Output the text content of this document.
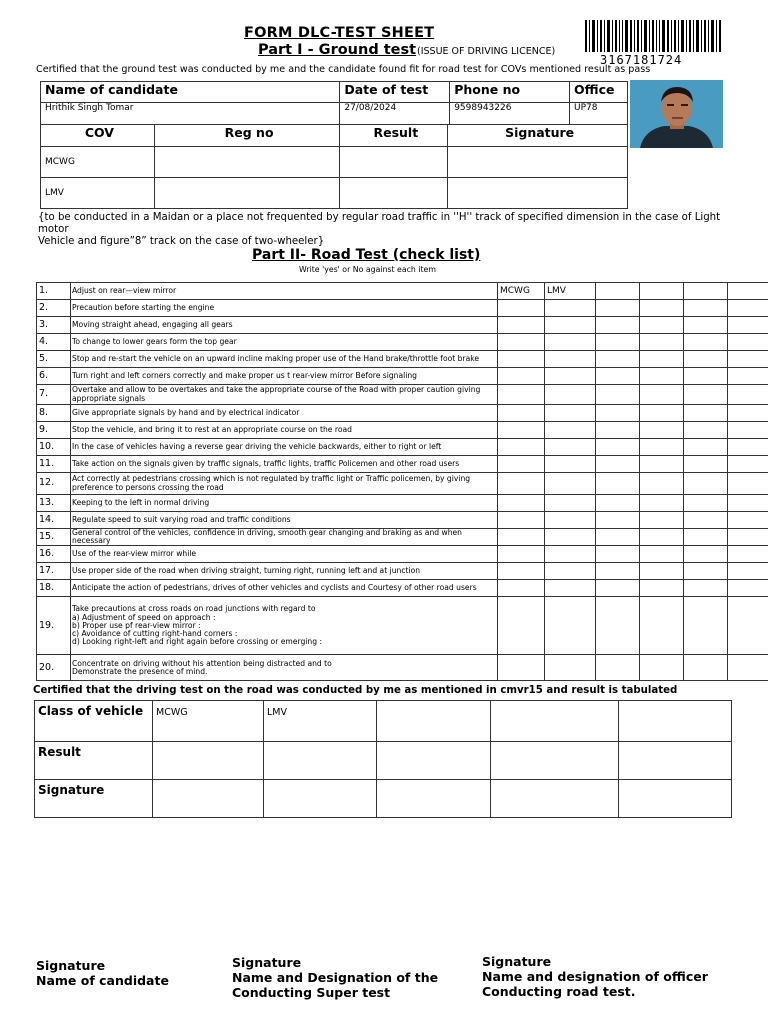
FORM DLC-TEST SHEET
Part I - Ground test (ISSUE OF DRIVING LICENCE)
3167181724
Certified that the ground test was conducted by me and the candidate found fit for road test for COVs mentioned result as pass
Name of candidate	Date of test	Phone no	Office
Hrithik Singh Tomar	27/08/2024	9598943226	UP78
COV	Reg no	Result	Signature
MCWG			
LMV			
{to be conducted in a Maidan or a place not frequented by regular road traffic in ''H'' track of specified dimension in the case of Light motor
Vehicle and figure”8” track on the case of two-wheeler}
Part II- Road Test (check list)
Write 'yes' or No against each item
1.	Adjust on rear—view mirror	MCWG	LMV				
2.	Precaution before starting the engine						
3.	Moving straight ahead, engaging all gears						
4.	To change to lower gears form the top gear						
5.	Stop and re-start the vehicle on an upward incline making proper use of the Hand brake/throttle foot brake						
6.	Turn right and left corners correctly and make proper us t rear-view mirror Before signaling						
7.	Overtake and allow to be overtakes and take the appropriate course of the Road with proper caution giving
appropriate signals						
8.	Give appropriate signals by hand and by electrical indicator						
9.	Stop the vehicle, and bring it to rest at an appropriate course on the road						
10.	In the case of vehicles having a reverse gear driving the vehicle backwards, either to right or left						
11.	Take action on the signals given by traffic signals, traffic lights, traffic Policemen and other road users						
12.	Act correctly at pedestrians crossing which is not regulated by traffic light or Traffic policemen, by giving
preference to persons crossing the road						
13.	Keeping to the left in normal driving						
14.	Regulate speed to suit varying road and traffic conditions						
15.	General control of the vehicles, confidence in driving, smooth gear changing and braking as and when necessary						
16.	Use of the rear-view mirror while						
17.	Use proper side of the road when driving straight, turning right, running left and at junction						
18.	Anticipate the action of pedestrians, drives of other vehicles and cyclists and Courtesy of other road users						
19.	Take precautions at cross roads on road junctions with regard to
a) Adjustment of speed on approach :
b) Proper use pf rear-view mirror :
c) Avoidance of cutting right-hand corners :
d) Looking right-left and right again before crossing or emerging :						
20.	Concentrate on driving without his attention being distracted and to
Demonstrate the presence of mind.						
Certified that the driving test on the road was conducted by me as mentioned in cmvr15 and result is tabulated
Class of vehicle	MCWG	LMV			
Result					
Signature					
Signature
Name of candidate
Signature
Name and Designation of the
Conducting Super test
Signature
Name and designation of officer
Conducting road test.
